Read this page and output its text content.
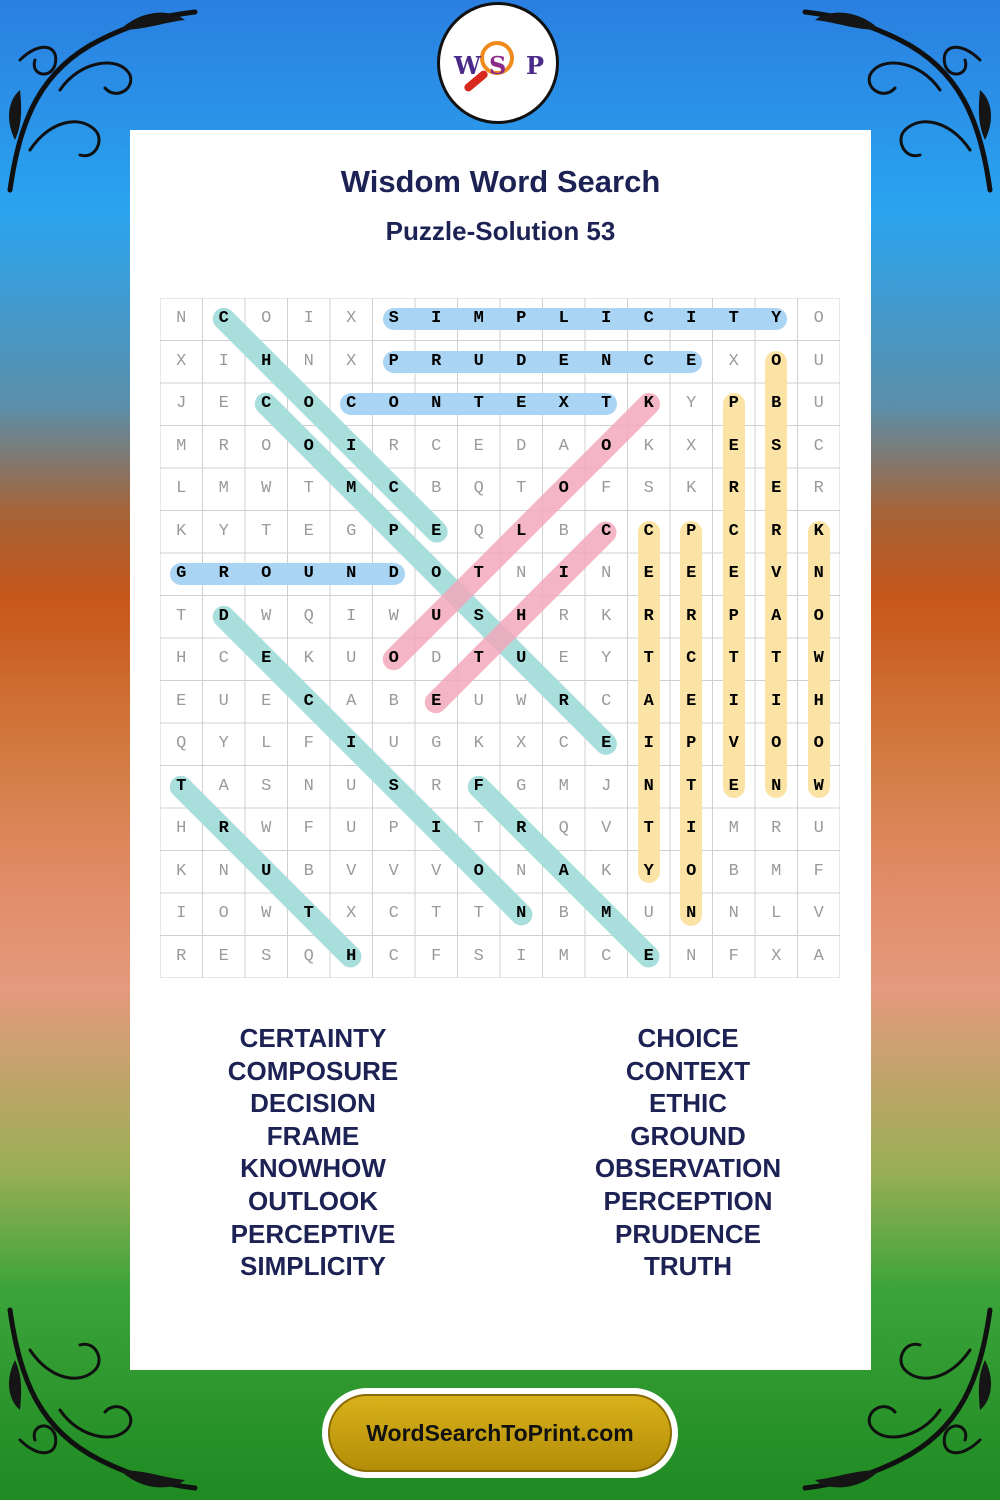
W S P
Wisdom Word Search
Puzzle-Solution 53
N	C	O	I	X	S	I	M	P	L	I	C	I	T	Y	O
X	I	H	N	X	P	R	U	D	E	N	C	E	X	O	U
J	E	C	O	C	O	N	T	E	X	T	K	Y	P	B	U
M	R	O	O	I	R	C	E	D	A	O	K	X	E	S	C
L	M	W	T	M	C	B	Q	T	O	F	S	K	R	E	R
K	Y	T	E	G	P	E	Q	L	B	C	C	P	C	R	K
G	R	O	U	N	D	O	T	N	I	N	E	E	E	V	N
T	D	W	Q	I	W	U	S	H	R	K	R	R	P	A	O
H	C	E	K	U	O	D	T	U	E	Y	T	C	T	T	W
E	U	E	C	A	B	E	U	W	R	C	A	E	I	I	H
Q	Y	L	F	I	U	G	K	X	C	E	I	P	V	O	O
T	A	S	N	U	S	R	F	G	M	J	N	T	E	N	W
H	R	W	F	U	P	I	T	R	Q	V	T	I	M	R	U
K	N	U	B	V	V	V	O	N	A	K	Y	O	B	M	F
I	O	W	T	X	C	T	T	N	B	M	U	N	N	L	V
R	E	S	Q	H	C	F	S	I	M	C	E	N	F	X	A
CERTAINTY
COMPOSURE
DECISION
FRAME
KNOWHOW
OUTLOOK
PERCEPTIVE
SIMPLICITY
CHOICE
CONTEXT
ETHIC
GROUND
OBSERVATION
PERCEPTION
PRUDENCE
TRUTH
WordSearchToPrint.com
